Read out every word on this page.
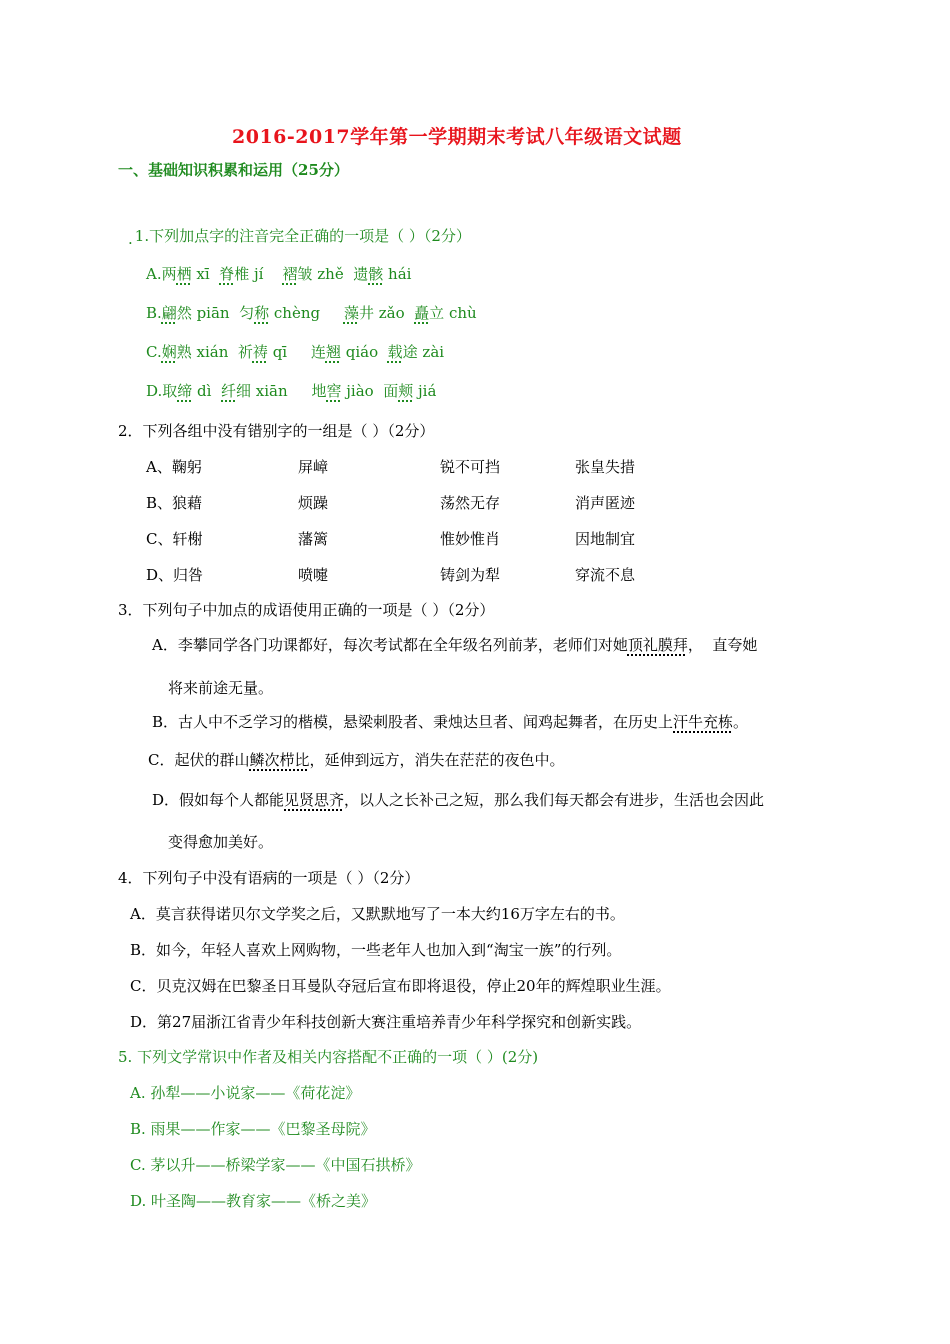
2016-2017学年第一学期期末考试八年级语文试题
一、基础知识积累和运用（25分）
. 1.下列加点字的注音完全正确的一项是（ ）（2分）
A.两栖 xī  脊椎 jí    褶皱 zhě  遗骸 hái
B.翩然 piān  匀称 chèng     藻井 zǎo  矗立 chù
C.娴熟 xián  祈祷 qī     连翘 qiáo  载途 zài
D.取缔 dì  纤细 xiān     地窖 jiào  面颊 jiá
2．下列各组中没有错别字的一组是（ ）（2分）
A、鞠躬	屏嶂	锐不可挡	张皇失措
B、狼藉	烦躁	荡然无存	消声匿迹
C、轩榭	藩篱	惟妙惟肖	因地制宜
D、归咎	喷嚏	铸剑为犁	穿流不息
3．下列句子中加点的成语使用正确的一项是（ ）（2分）
A．李攀同学各门功课都好，每次考试都在全年级名列前茅，老师们对她顶礼膜拜，  直夸她
将来前途无量。
B．古人中不乏学习的楷模，悬梁刺股者、秉烛达旦者、闻鸡起舞者，在历史上汗牛充栋。
C．起伏的群山鳞次栉比，延伸到远方，消失在茫茫的夜色中。
D．假如每个人都能见贤思齐，以人之长补己之短，那么我们每天都会有进步，生活也会因此
变得愈加美好。
4．下列句子中没有语病的一项是（ ）（2分）
A．莫言获得诺贝尔文学奖之后，又默默地写了一本大约16万字左右的书。
B．如今，年轻人喜欢上网购物，一些老年人也加入到“淘宝一族”的行列。
C．贝克汉姆在巴黎圣日耳曼队夺冠后宣布即将退役，停止20年的辉煌职业生涯。
D．第27届浙江省青少年科技创新大赛注重培养青少年科学探究和创新实践。
5. 下列文学常识中作者及相关内容搭配不正确的一项（ ）(2分)
A. 孙犁——小说家——《荷花淀》
B. 雨果——作家——《巴黎圣母院》
C. 茅以升——桥梁学家——《中国石拱桥》
D. 叶圣陶——教育家——《桥之美》
